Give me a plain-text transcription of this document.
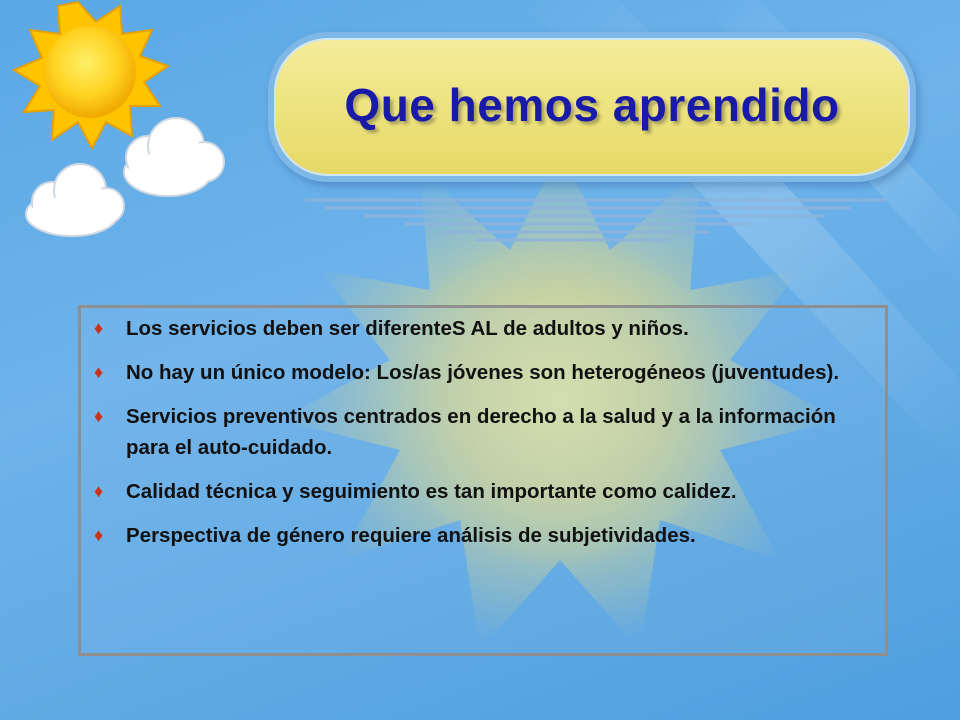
Que hemos aprendido
♦ Los servicios deben ser diferenteS AL de adultos y niños.
♦ No hay un único modelo: Los/as jóvenes son heterogéneos (juventudes).
♦ Servicios preventivos centrados en derecho a la salud y a la información para el auto-cuidado.
♦ Calidad técnica y seguimiento es tan importante como calidez.
♦ Perspectiva de género requiere análisis de subjetividades.
